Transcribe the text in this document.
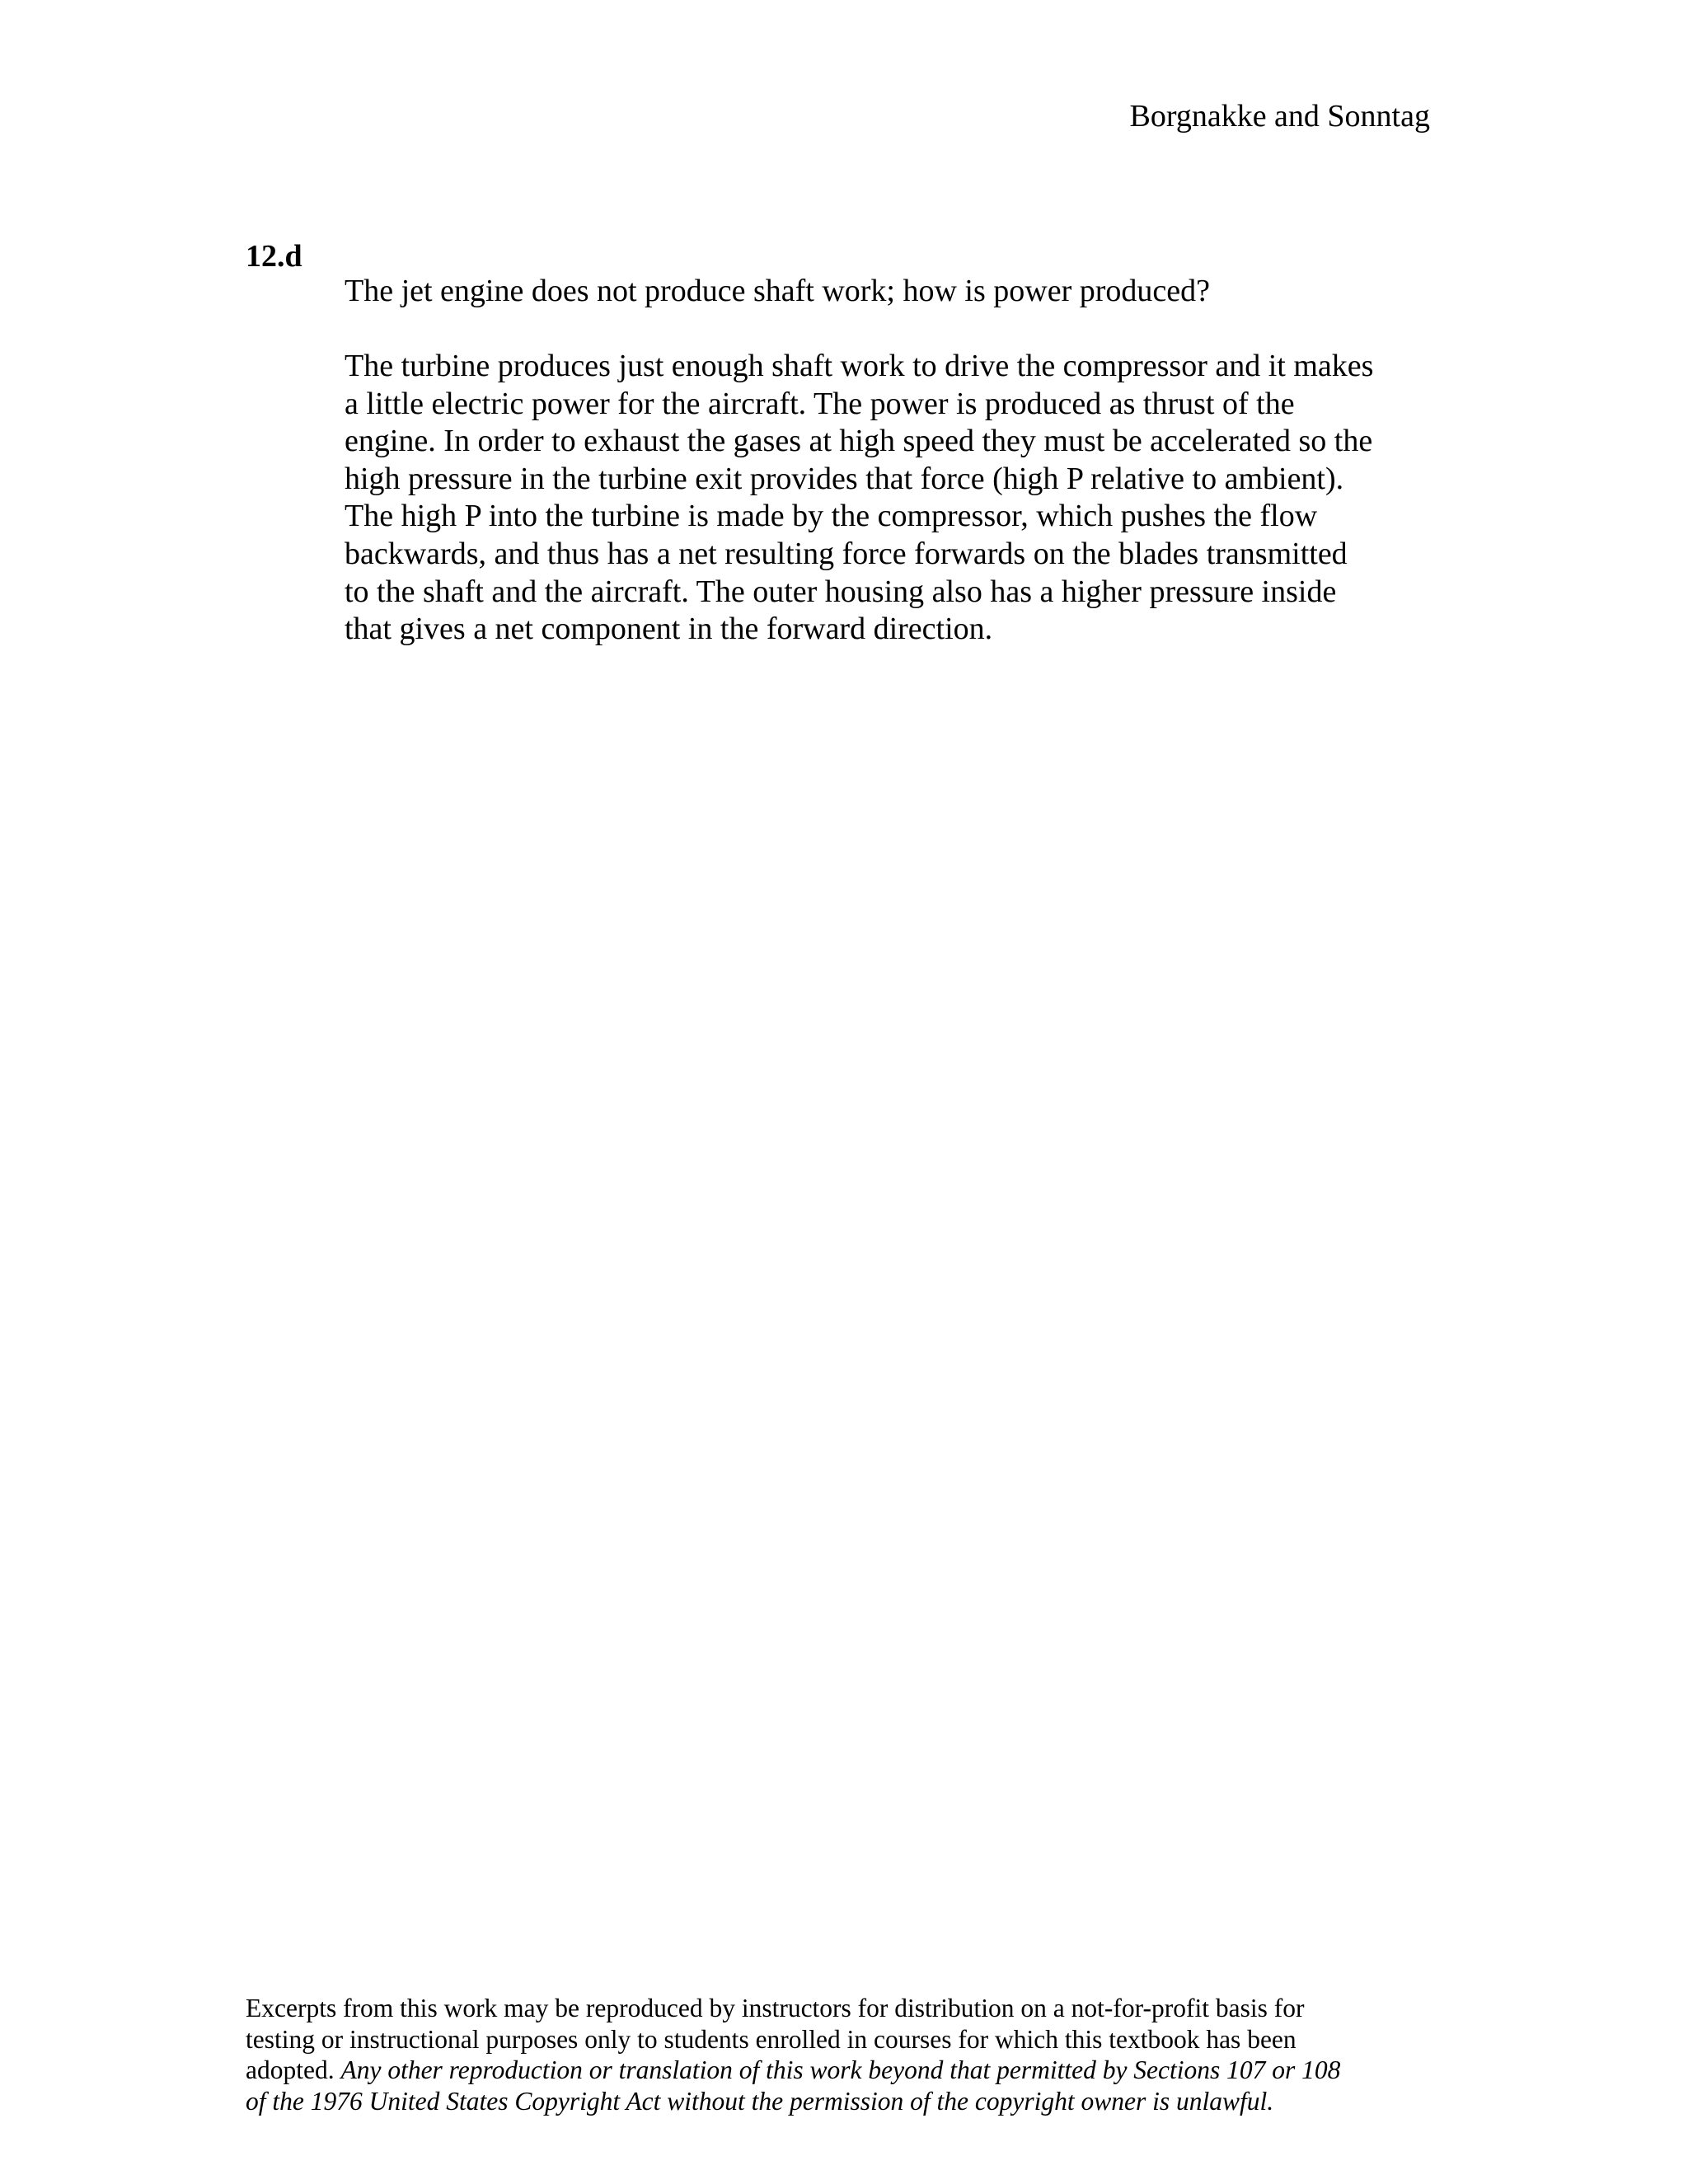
Borgnakke and Sonntag
12.d

The jet engine does not produce shaft work; how is power produced?

The turbine produces just enough shaft work to drive the compressor and it makes
a little electric power for the aircraft. The power is produced as thrust of the
engine. In order to exhaust the gases at high speed they must be accelerated so the
high pressure in the turbine exit provides that force (high P relative to ambient).
The high P into the turbine is made by the compressor, which pushes the flow
backwards, and thus has a net resulting force forwards on the blades transmitted
to the shaft and the aircraft. The outer housing also has a higher pressure inside
that gives a net component in the forward direction.

Excerpts from this work may be reproduced by instructors for distribution on a not-for-profit basis for
testing or instructional purposes only to students enrolled in courses for which this textbook has been
adopted. Any other reproduction or translation of this work beyond that permitted by Sections 107 or 108
of the 1976 United States Copyright Act without the permission of the copyright owner is unlawful.
